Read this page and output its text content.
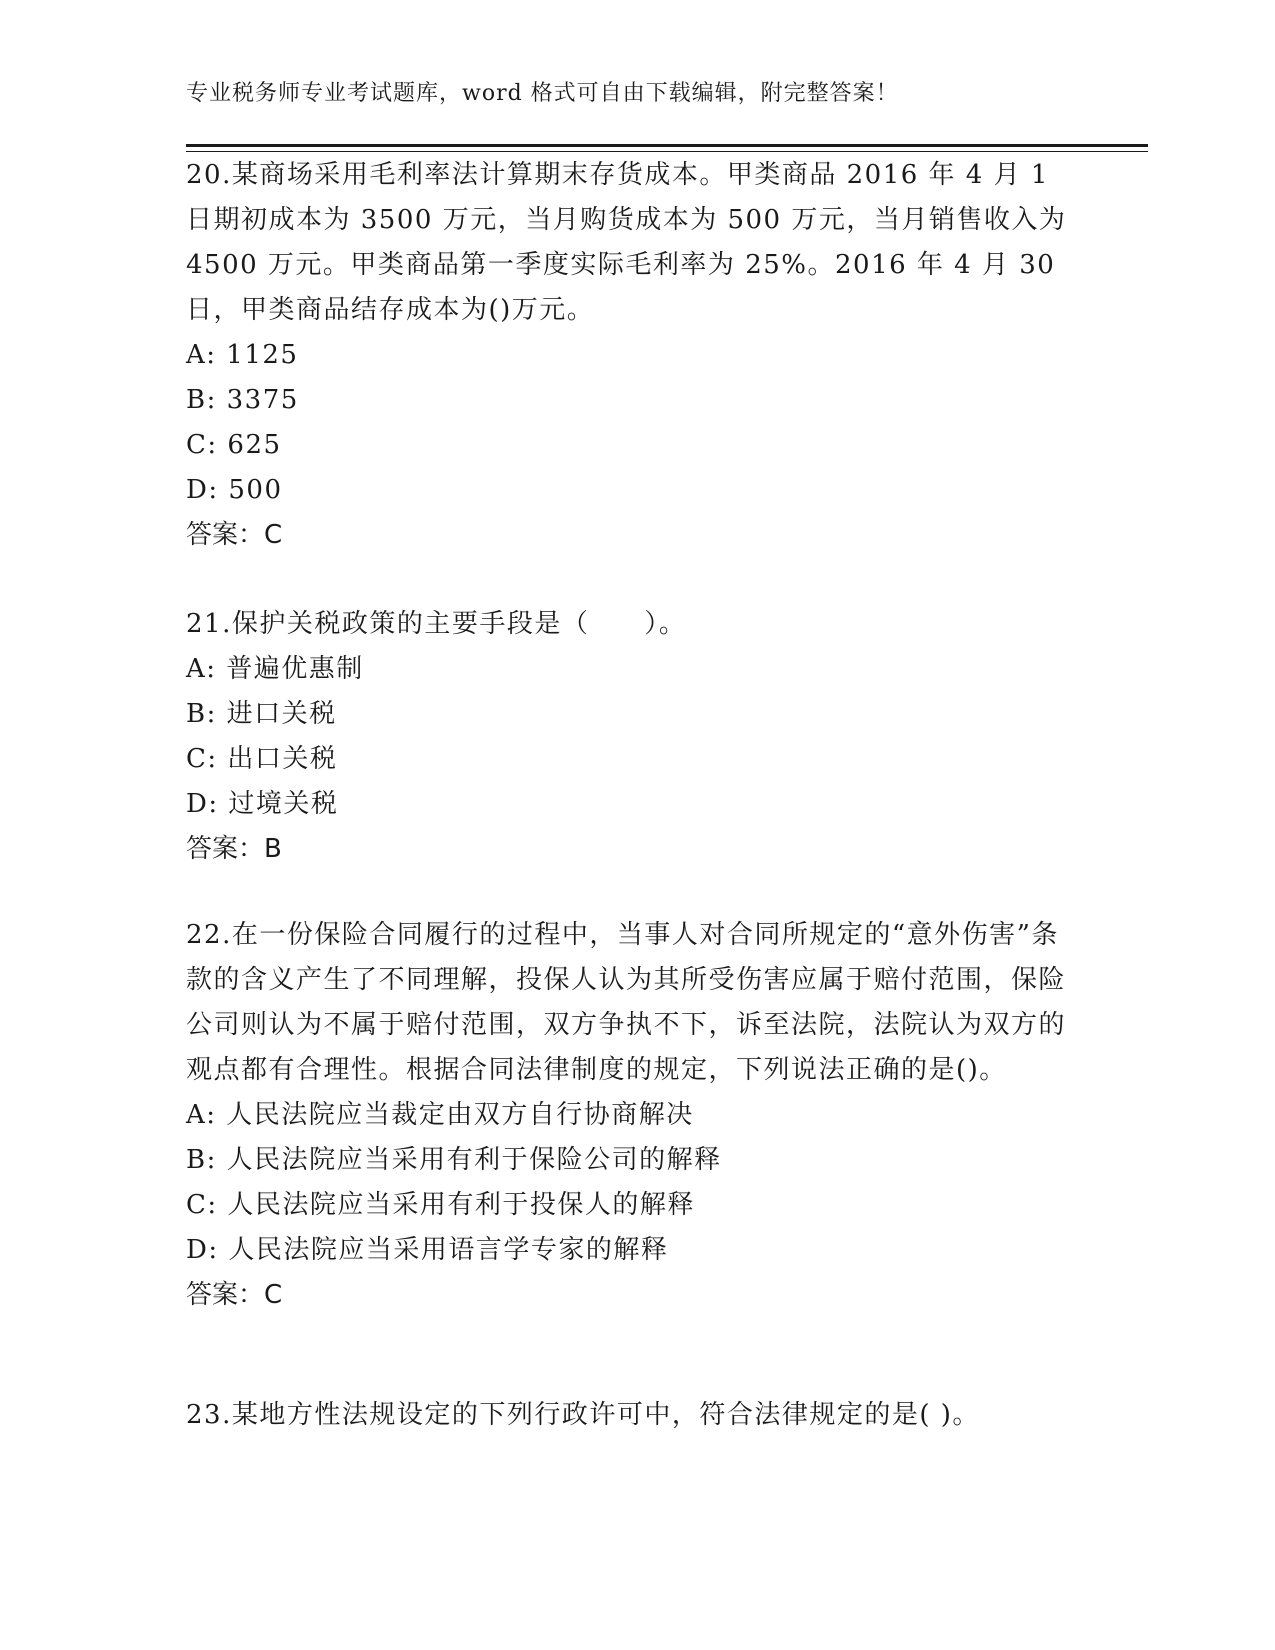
专业税务师专业考试题库，word 格式可自由下载编辑，附完整答案！

20.某商场采用毛利率法计算期末存货成本。甲类商品 2016 年 4 月 1 日期初成本为 3500 万元，当月购货成本为 500 万元，当月销售收入为 4500 万元。甲类商品第一季度实际毛利率为 25%。2016 年 4 月 30 日，甲类商品结存成本为()万元。

A: 1125

B: 3375

C: 625

D: 500

答案：C

21.保护关税政策的主要手段是（　　）。

A: 普遍优惠制

B: 进口关税

C: 出口关税

D: 过境关税

答案：B

22.在一份保险合同履行的过程中，当事人对合同所规定的“意外伤害”条款的含义产生了不同理解，投保人认为其所受伤害应属于赔付范围，保险公司则认为不属于赔付范围，双方争执不下，诉至法院，法院认为双方的观点都有合理性。根据合同法律制度的规定，下列说法正确的是()。

A: 人民法院应当裁定由双方自行协商解决

B: 人民法院应当采用有利于保险公司的解释

C: 人民法院应当采用有利于投保人的解释

D: 人民法院应当采用语言学专家的解释

答案：C

23.某地方性法规设定的下列行政许可中，符合法律规定的是( )。
